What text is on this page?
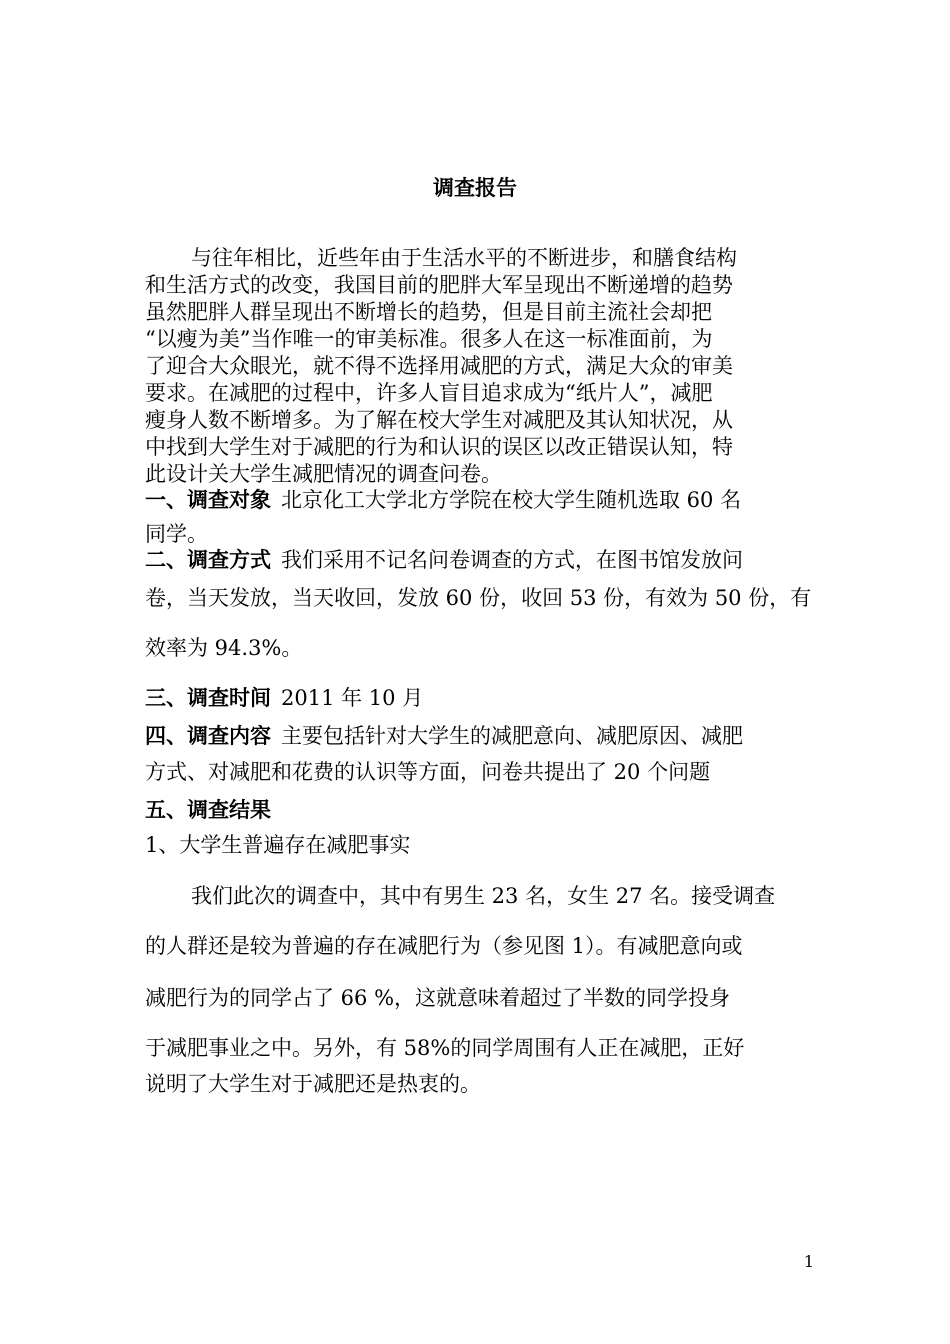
调查报告
与往年相比，近些年由于生活水平的不断进步，和膳食结构
和生活方式的改变，我国目前的肥胖大军呈现出不断递增的趋势
虽然肥胖人群呈现出不断增长的趋势，但是目前主流社会却把
“以瘦为美”当作唯一的审美标准。很多人在这一标准面前，为
了迎合大众眼光，就不得不选择用减肥的方式，满足大众的审美
要求。在减肥的过程中，许多人盲目追求成为“纸片人”，减肥
瘦身人数不断增多。为了解在校大学生对减肥及其认知状况，从
中找到大学生对于减肥的行为和认识的误区以改正错误认知，特
此设计关大学生减肥情况的调查问卷。
一、调查对象 北京化工大学北方学院在校大学生随机选取 60 名
同学。
二、调查方式 我们采用不记名问卷调查的方式，在图书馆发放问
卷，当天发放，当天收回，发放 60 份，收回 53 份，有效为 50 份，有
效率为 94.3%。
三、调查时间 2011 年 10 月
四、调查内容 主要包括针对大学生的减肥意向、减肥原因、减肥
方式、对减肥和花费的认识等方面，问卷共提出了 20 个问题
五、调查结果
1、大学生普遍存在减肥事实
我们此次的调查中，其中有男生 23 名，女生 27 名。接受调查
的人群还是较为普遍的存在减肥行为（参见图 1）。有减肥意向或
减肥行为的同学占了 66 %，这就意味着超过了半数的同学投身
于减肥事业之中。另外，有 58%的同学周围有人正在减肥，正好
说明了大学生对于减肥还是热衷的。
1
